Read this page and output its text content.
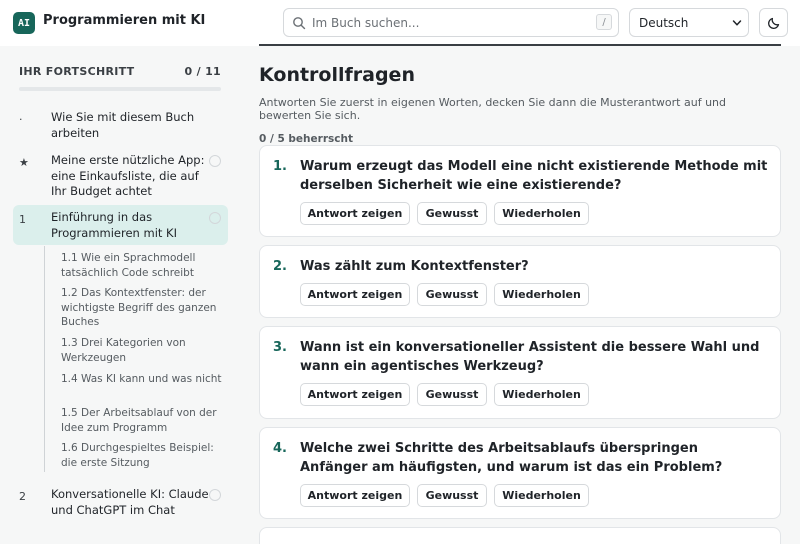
AI Programmieren mit KI
Im Buch suchen...	/	Deutsch
IHR FORTSCHRITT	0 / 11
· Wie Sie mit diesem Buch arbeiten
★ Meine erste nützliche App: eine Einkaufsliste, die auf Ihr Budget achtet
1 Einführung in das Programmieren mit KI
1.1 Wie ein Sprachmodell tatsächlich Code schreibt
1.2 Das Kontextfenster: der wichtigste Begriff des ganzen Buches
1.3 Drei Kategorien von Werkzeugen
1.4 Was KI kann und was nicht
1.5 Der Arbeitsablauf von der Idee zum Programm
1.6 Durchgespieltes Beispiel: die erste Sitzung
2 Konversationelle KI: Claude und ChatGPT im Chat
Kontrollfragen

Antworten Sie zuerst in eigenen Worten, decken Sie dann die Musterantwort auf und bewerten Sie sich.

0 / 5 beherrscht
1. Warum erzeugt das Modell eine nicht existierende Methode mit derselben Sicherheit wie eine existierende?
Antwort zeigen	Gewusst	Wiederholen
2. Was zählt zum Kontextfenster?
Antwort zeigen	Gewusst	Wiederholen
3. Wann ist ein konversationeller Assistent die bessere Wahl und wann ein agentisches Werkzeug?
Antwort zeigen	Gewusst	Wiederholen
4. Welche zwei Schritte des Arbeitsablaufs überspringen Anfänger am häufigsten, und warum ist das ein Problem?
Antwort zeigen	Gewusst	Wiederholen
